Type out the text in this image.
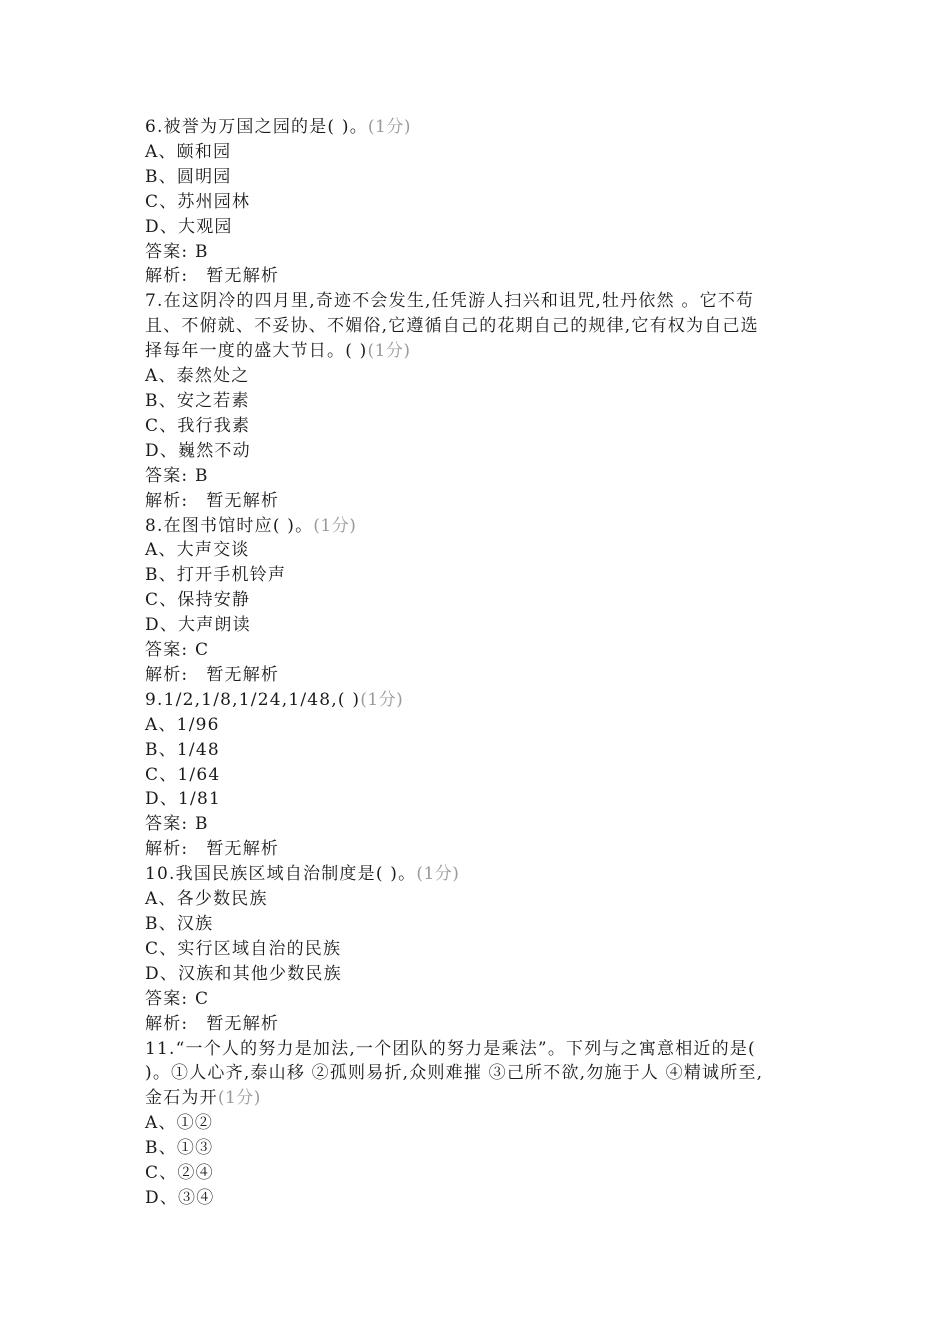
6.被誉为万国之园的是( )。(1分)
A、颐和园
B、圆明园
C、苏州园林
D、大观园
答案: B
解析: 暂无解析
7.在这阴冷的四月里,奇迹不会发生,任凭游人扫兴和诅咒,牡丹依然 。它不苟
且、不俯就、不妥协、不媚俗,它遵循自己的花期自己的规律,它有权为自己选
择每年一度的盛大节日。( )(1分)
A、泰然处之
B、安之若素
C、我行我素
D、巍然不动
答案: B
解析: 暂无解析
8.在图书馆时应( )。(1分)
A、大声交谈
B、打开手机铃声
C、保持安静
D、大声朗读
答案: C
解析: 暂无解析
9.1/2,1/8,1/24,1/48,( )(1分)
A、1/96
B、1/48
C、1/64
D、1/81
答案: B
解析: 暂无解析
10.我国民族区域自治制度是( )。(1分)
A、各少数民族
B、汉族
C、实行区域自治的民族
D、汉族和其他少数民族
答案: C
解析: 暂无解析
11.“一个人的努力是加法,一个团队的努力是乘法”。下列与之寓意相近的是(
)。①人心齐,泰山移 ②孤则易折,众则难摧 ③己所不欲,勿施于人 ④精诚所至,
金石为开(1分)
A、①②
B、①③
C、②④
D、③④
